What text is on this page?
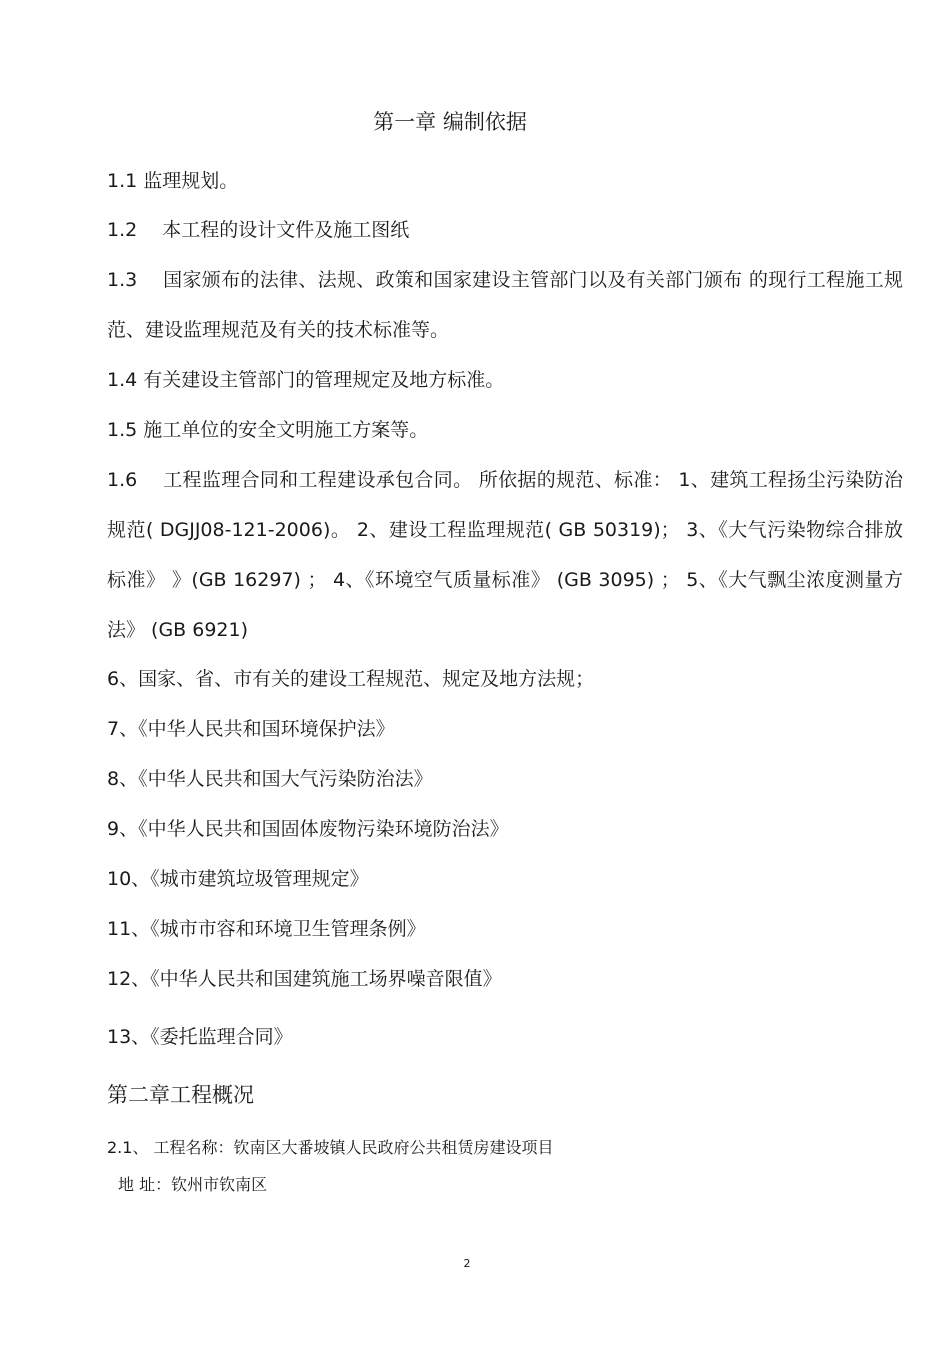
第一章 编制依据

1.1 监理规划。

1.2　 本工程的设计文件及施工图纸

1.3　 国家颁布的法律、法规、政策和国家建设主管部门以及有关部门颁布 的现行工程施工规范、建设监理规范及有关的技术标准等。

1.4 有关建设主管部门的管理规定及地方标准。

1.5 施工单位的安全文明施工方案等。

1.6　 工程监理合同和工程建设承包合同。 所依据的规范、标准： 1、建筑工程扬尘污染防治规范( DGJJ08-121-2006)。 2、建设工程监理规范( GB 50319)； 3、《大气污染物综合排放标准》 》(GB 16297) ； 4、《环境空气质量标准》 (GB 3095) ； 5、《大气飘尘浓度测量方法》 (GB 6921)

6、国家、省、市有关的建设工程规范、规定及地方法规；

7、《中华人民共和国环境保护法》

8、《中华人民共和国大气污染防治法》

9、《中华人民共和国固体废物污染环境防治法》

10、《城市建筑垃圾管理规定》

11、《城市市容和环境卫生管理条例》

12、《中华人民共和国建筑施工场界噪音限值》

13、《委托监理合同》

第二章工程概况
2.1、 工程名称：钦南区大番坡镇人民政府公共租赁房建设项目
地 址：钦州市钦南区
2
